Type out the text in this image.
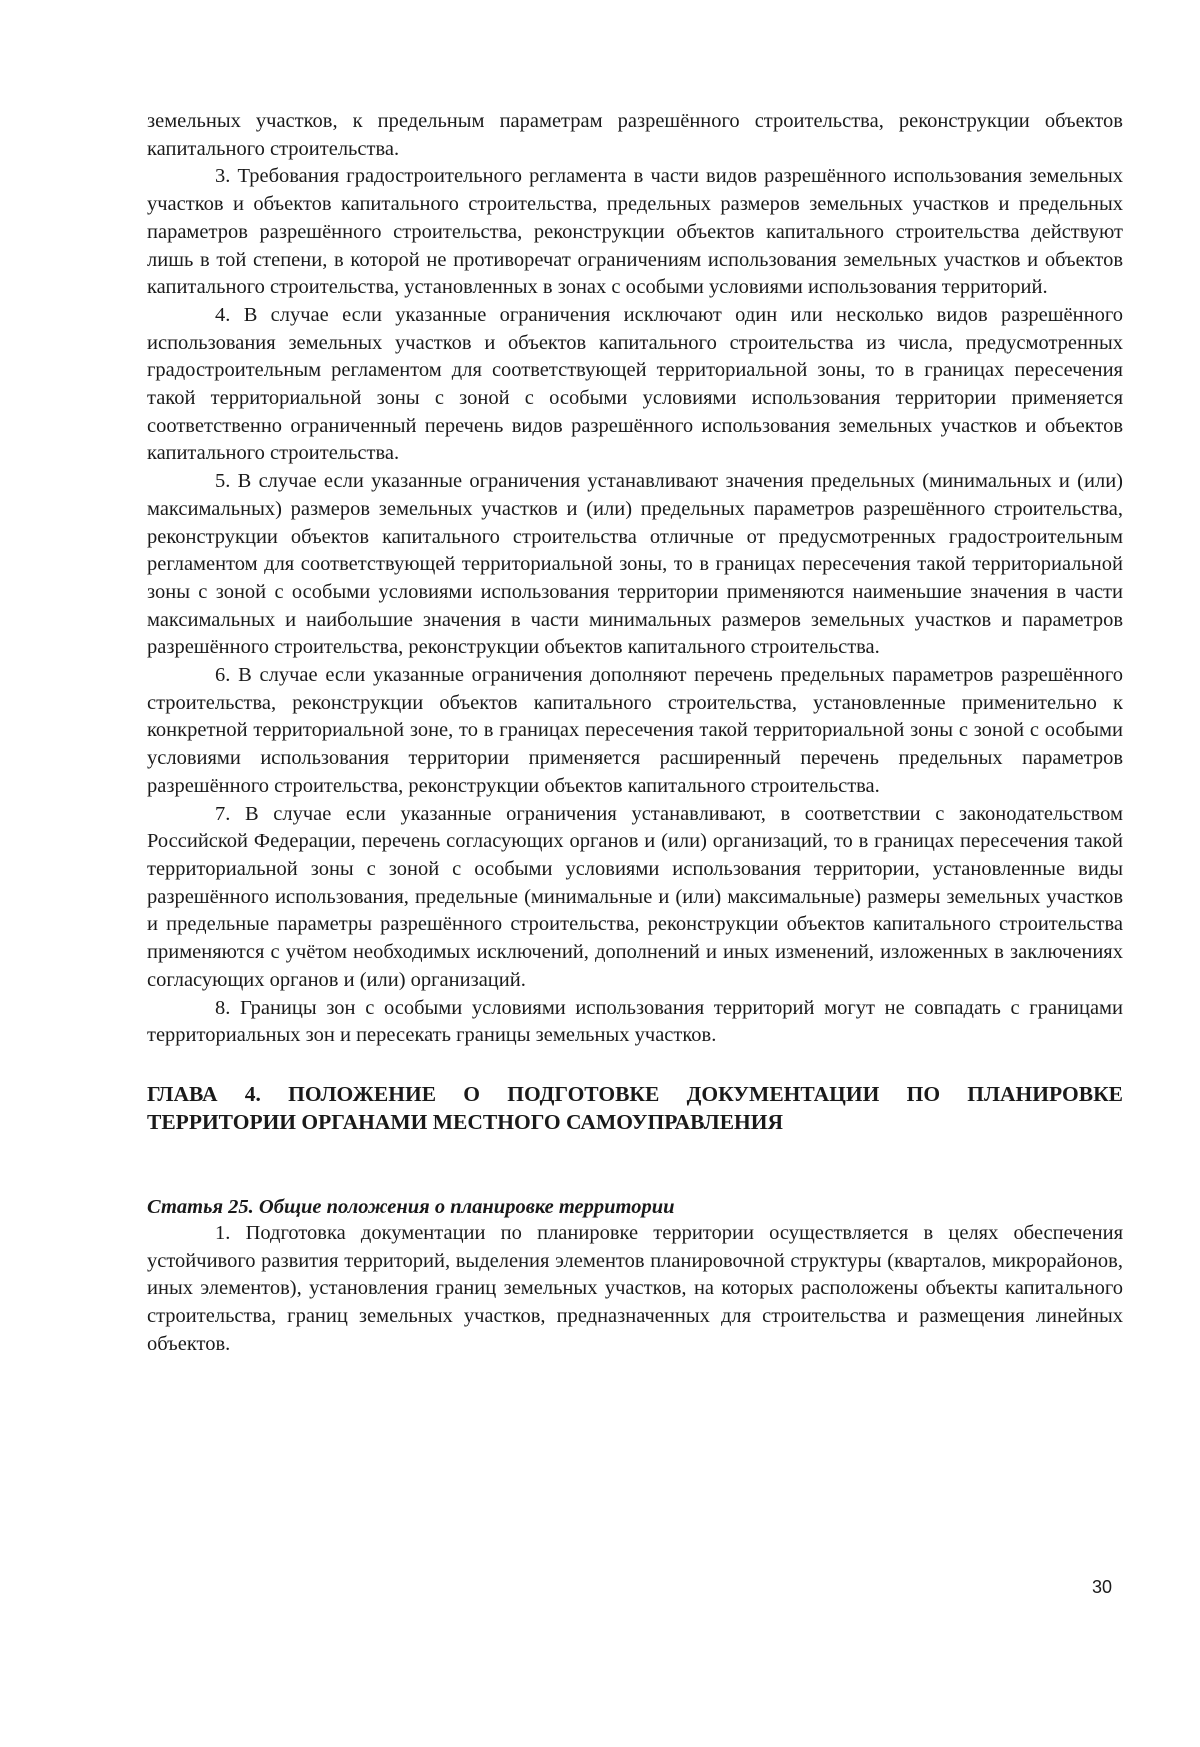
земельных участков, к предельным параметрам разрешённого строительства, реконструкции объектов капитального строительства.

3. Требования градостроительного регламента в части видов разрешённого использования земельных участков и объектов капитального строительства, предельных размеров земельных участков и предельных параметров разрешённого строительства, реконструкции объектов капитального строительства действуют лишь в той степени, в которой не противоречат ограничениям использования земельных участков и объектов капитального строительства, установленных в зонах с особыми условиями использования территорий.

4. В случае если указанные ограничения исключают один или несколько видов разрешённого использования земельных участков и объектов капитального строительства из числа, предусмотренных градостроительным регламентом для соответствующей территориальной зоны, то в границах пересечения такой территориальной зоны с зоной с особыми условиями использования территории применяется соответственно ограниченный перечень видов разрешённого использования земельных участков и объектов капитального строительства.

5. В случае если указанные ограничения устанавливают значения предельных (минимальных и (или) максимальных) размеров земельных участков и (или) предельных параметров разрешённого строительства, реконструкции объектов капитального строительства отличные от предусмотренных градостроительным регламентом для соответствующей территориальной зоны, то в границах пересечения такой территориальной зоны с зоной с особыми условиями использования территории применяются наименьшие значения в части максимальных и наибольшие значения в части минимальных размеров земельных участков и параметров разрешённого строительства, реконструкции объектов капитального строительства.

6. В случае если указанные ограничения дополняют перечень предельных параметров разрешённого строительства, реконструкции объектов капитального строительства, установленные применительно к конкретной территориальной зоне, то в границах пересечения такой территориальной зоны с зоной с особыми условиями использования территории применяется расширенный перечень предельных параметров разрешённого строительства, реконструкции объектов капитального строительства.

7. В случае если указанные ограничения устанавливают, в соответствии с законодательством Российской Федерации, перечень согласующих органов и (или) организаций, то в границах пересечения такой территориальной зоны с зоной с особыми условиями использования территории, установленные виды разрешённого использования, предельные (минимальные и (или) максимальные) размеры земельных участков и предельные параметры разрешённого строительства, реконструкции объектов капитального строительства применяются с учётом необходимых исключений, дополнений и иных изменений, изложенных в заключениях согласующих органов и (или) организаций.

8. Границы зон с особыми условиями использования территорий могут не совпадать с границами территориальных зон и пересекать границы земельных участков.

ГЛАВА 4. ПОЛОЖЕНИЕ О ПОДГОТОВКЕ ДОКУМЕНТАЦИИ ПО ПЛАНИРОВКЕ ТЕРРИТОРИИ ОРГАНАМИ МЕСТНОГО САМОУПРАВЛЕНИЯ
Статья 25. Общие положения о планировке территории

1. Подготовка документации по планировке территории осуществляется в целях обеспечения устойчивого развития территорий, выделения элементов планировочной структуры (кварталов, микрорайонов, иных элементов), установления границ земельных участков, на которых расположены объекты капитального строительства, границ земельных участков, предназначенных для строительства и размещения линейных объектов.

30
